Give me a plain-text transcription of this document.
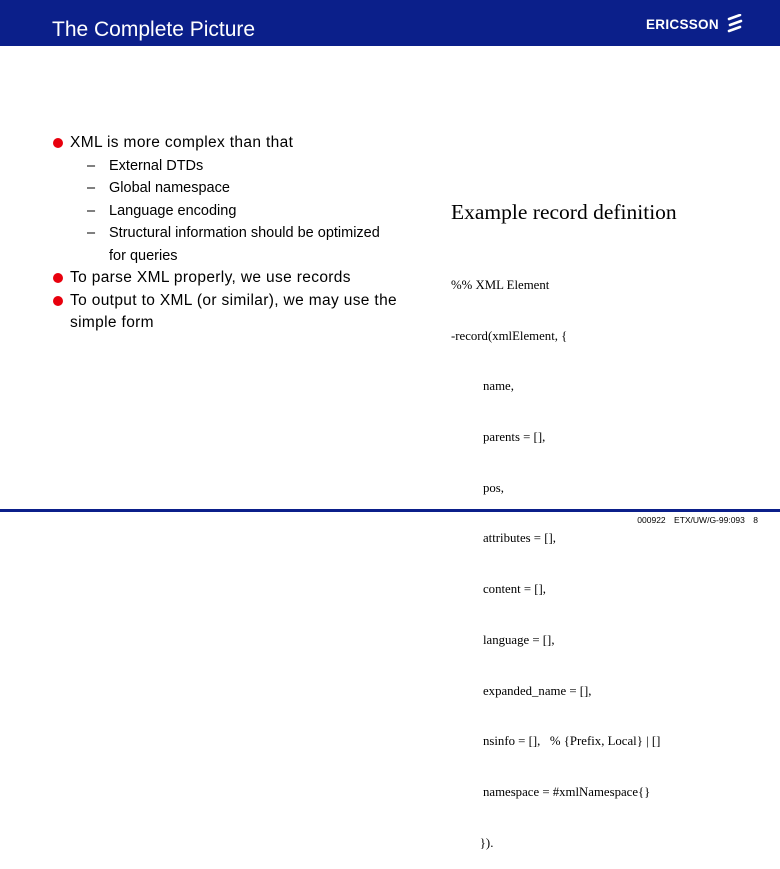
The Complete Picture	ERICSSON
XML is more complex than that
– External DTDs
– Global namespace
– Language encoding
– Structural information should be optimized for queries
To parse XML properly, we use records
To output to XML (or similar), we may use the simple form
Example record definition

%% XML Element

-record(xmlElement, {

name,

parents = [],

pos,

attributes = [],

content = [],

language = [],

expanded_name = [],

nsinfo = [],   % {Prefix, Local} | []

namespace = #xmlNamespace{}

}).

000922 ETX/UW/G-99:093 8
